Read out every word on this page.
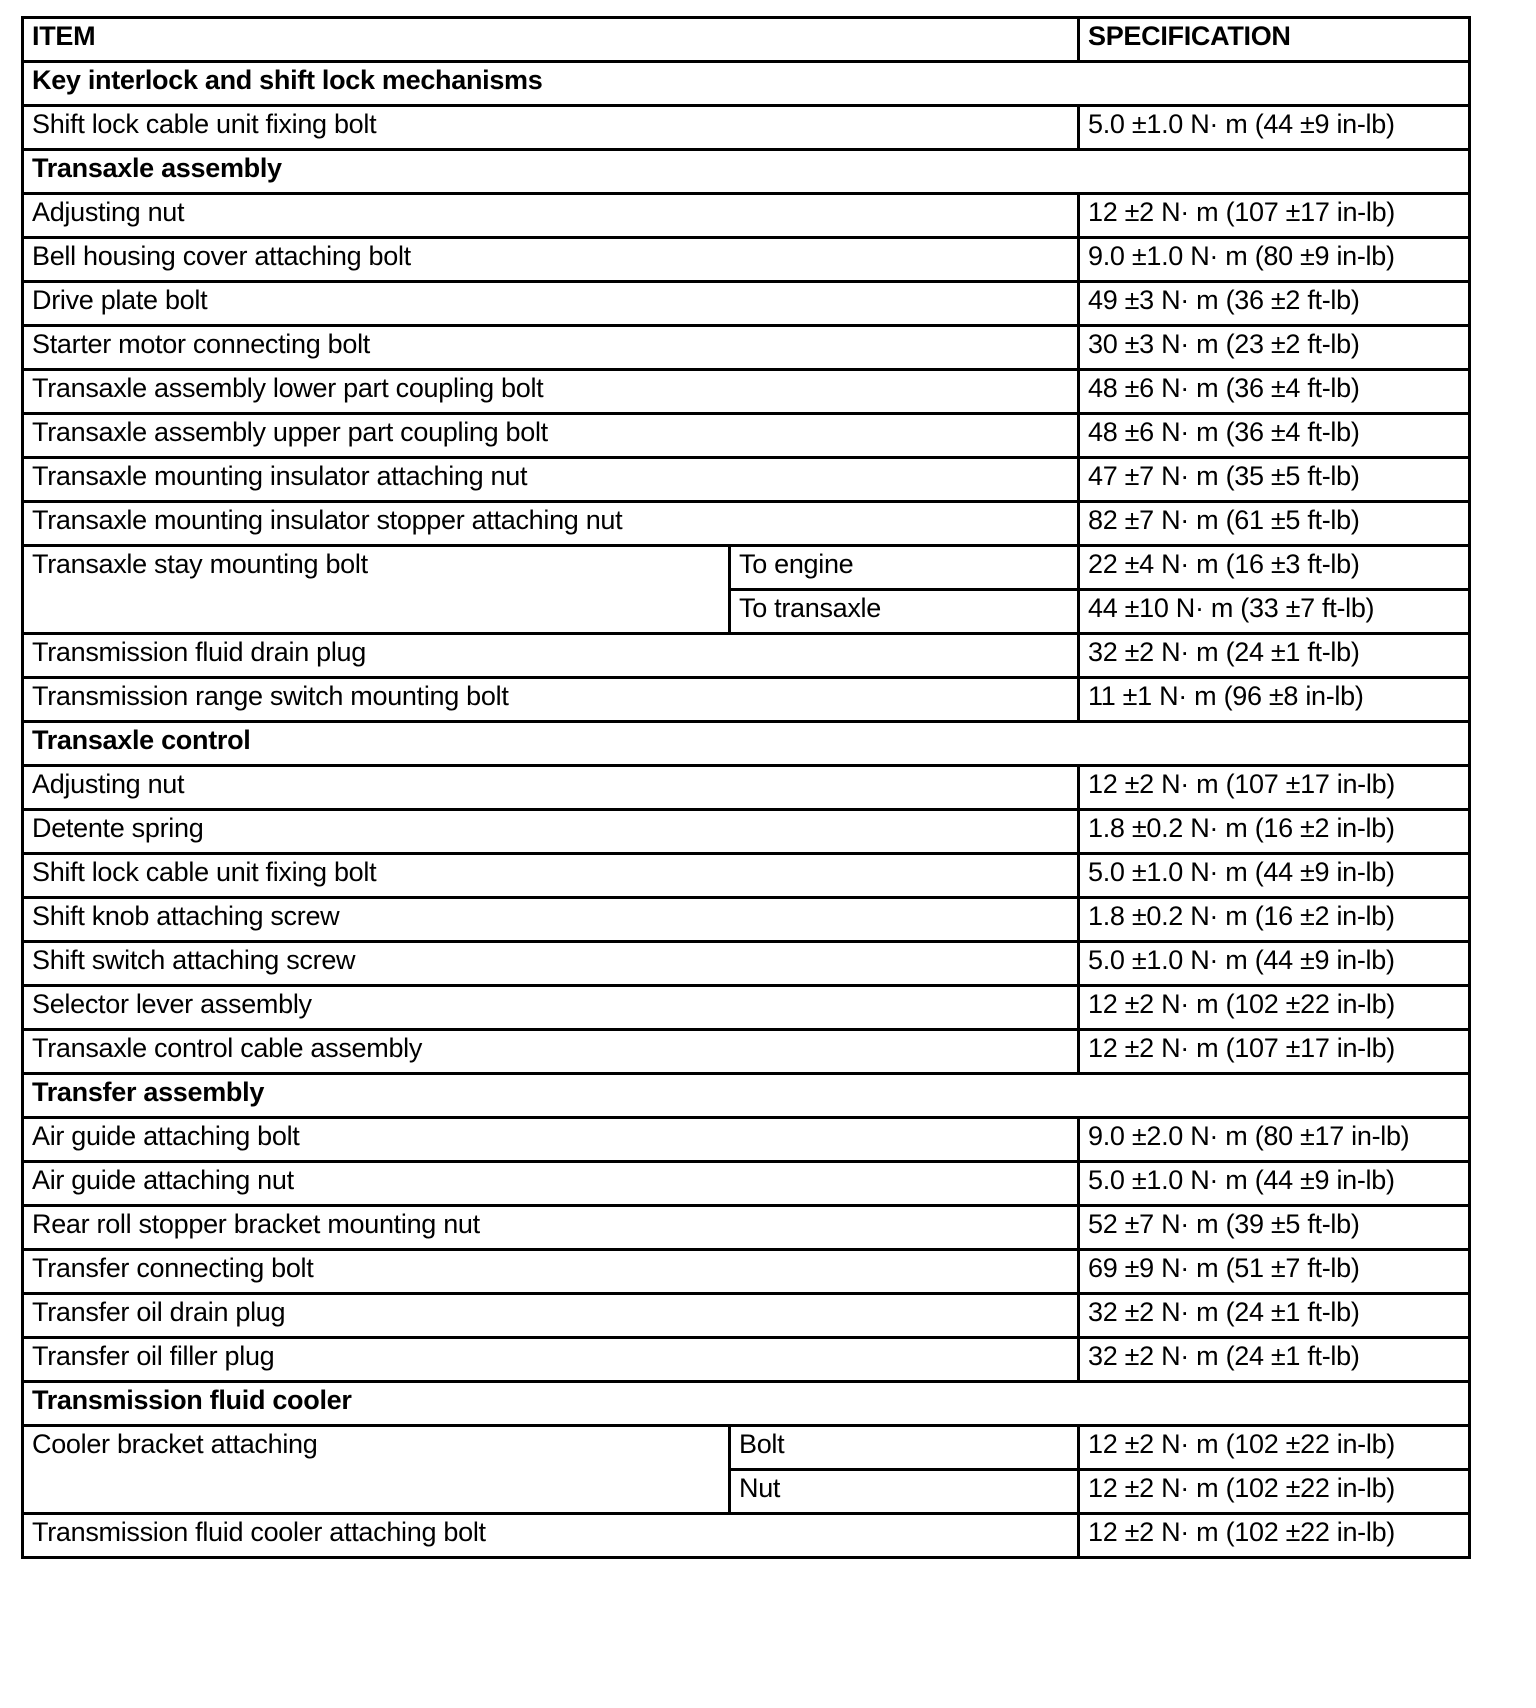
ITEM		SPECIFICATION
Key interlock and shift lock mechanisms		
Shift lock cable unit fixing bolt		5.0 ±1.0 N· m (44 ±9 in-lb)
Transaxle assembly		
Adjusting nut		12 ±2 N· m (107 ±17 in-lb)
Bell housing cover attaching bolt		9.0 ±1.0 N· m (80 ±9 in-lb)
Drive plate bolt		49 ±3 N· m (36 ±2 ft-lb)
Starter motor connecting bolt		30 ±3 N· m (23 ±2 ft-lb)
Transaxle assembly lower part coupling bolt		48 ±6 N· m (36 ±4 ft-lb)
Transaxle assembly upper part coupling bolt		48 ±6 N· m (36 ±4 ft-lb)
Transaxle mounting insulator attaching nut		47 ±7 N· m (35 ±5 ft-lb)
Transaxle mounting insulator stopper attaching nut		82 ±7 N· m (61 ±5 ft-lb)
Transaxle stay mounting bolt	To engine	22 ±4 N· m (16 ±3 ft-lb)
	To transaxle	44 ±10 N· m (33 ±7 ft-lb)
Transmission fluid drain plug		32 ±2 N· m (24 ±1 ft-lb)
Transmission range switch mounting bolt		11 ±1 N· m (96 ±8 in-lb)
Transaxle control		
Adjusting nut		12 ±2 N· m (107 ±17 in-lb)
Detente spring		1.8 ±0.2 N· m (16 ±2 in-lb)
Shift lock cable unit fixing bolt		5.0 ±1.0 N· m (44 ±9 in-lb)
Shift knob attaching screw		1.8 ±0.2 N· m (16 ±2 in-lb)
Shift switch attaching screw		5.0 ±1.0 N· m (44 ±9 in-lb)
Selector lever assembly		12 ±2 N· m (102 ±22 in-lb)
Transaxle control cable assembly		12 ±2 N· m (107 ±17 in-lb)
Transfer assembly		
Air guide attaching bolt		9.0 ±2.0 N· m (80 ±17 in-lb)
Air guide attaching nut		5.0 ±1.0 N· m (44 ±9 in-lb)
Rear roll stopper bracket mounting nut		52 ±7 N· m (39 ±5 ft-lb)
Transfer connecting bolt		69 ±9 N· m (51 ±7 ft-lb)
Transfer oil drain plug		32 ±2 N· m (24 ±1 ft-lb)
Transfer oil filler plug		32 ±2 N· m (24 ±1 ft-lb)
Transmission fluid cooler		
Cooler bracket attaching	Bolt	12 ±2 N· m (102 ±22 in-lb)
	Nut	12 ±2 N· m (102 ±22 in-lb)
Transmission fluid cooler attaching bolt		12 ±2 N· m (102 ±22 in-lb)
